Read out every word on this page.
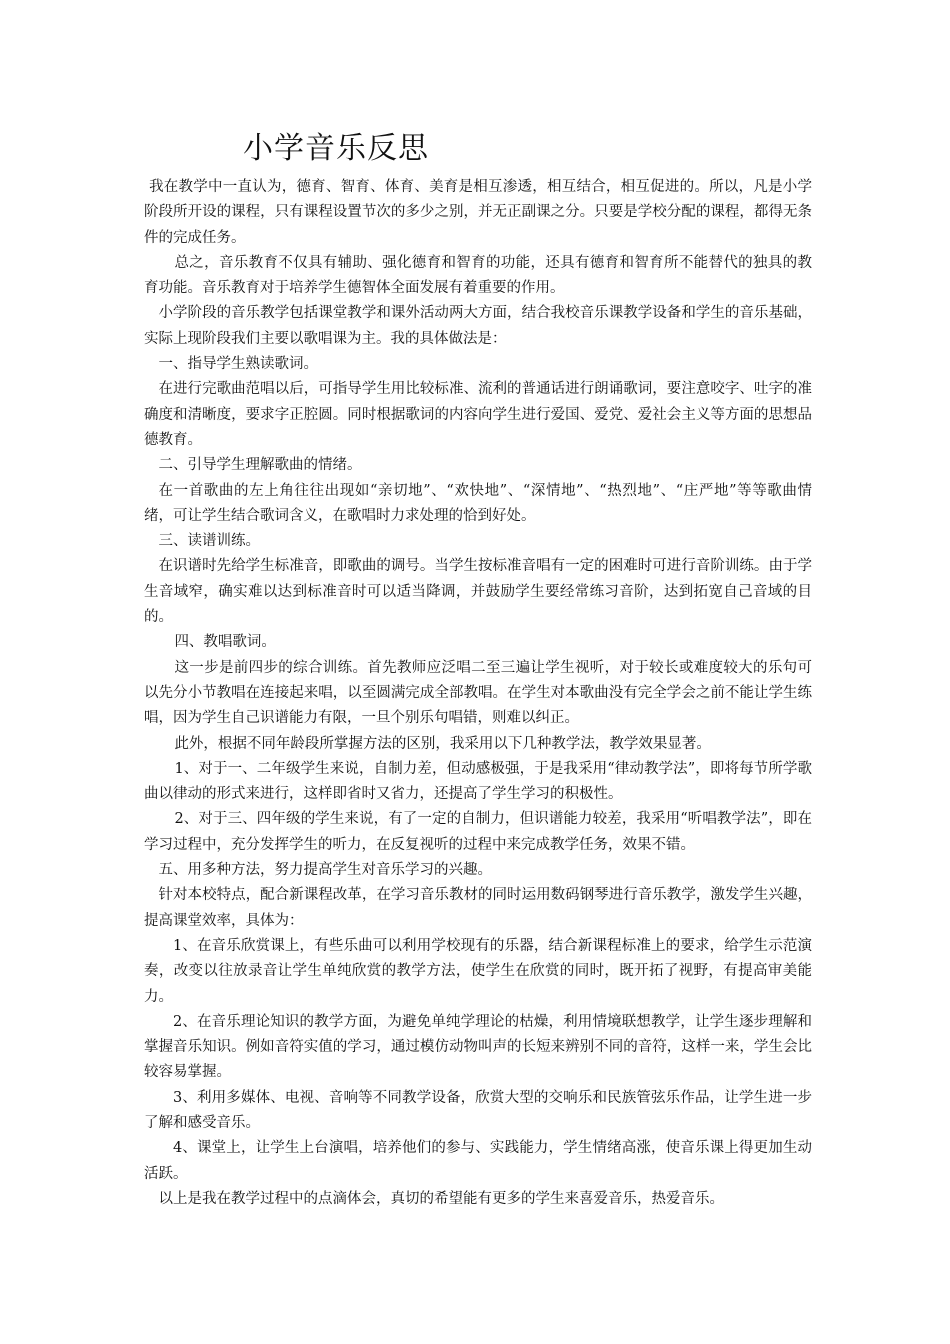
小学音乐反思

我在教学中一直认为，德育、智育、体育、美育是相互渗透，相互结合，相互促进的。所以，凡是小学阶段所开设的课程，只有课程设置节次的多少之别，并无正副课之分。只要是学校分配的课程，都得无条件的完成任务。

总之，音乐教育不仅具有辅助、强化德育和智育的功能，还具有德育和智育所不能替代的独具的教育功能。音乐教育对于培养学生德智体全面发展有着重要的作用。

小学阶段的音乐教学包括课堂教学和课外活动两大方面，结合我校音乐课教学设备和学生的音乐基础，实际上现阶段我们主要以歌唱课为主。我的具体做法是：

一、指导学生熟读歌词。

在进行完歌曲范唱以后，可指导学生用比较标准、流利的普通话进行朗诵歌词，要注意咬字、吐字的准确度和清晰度，要求字正腔圆。同时根据歌词的内容向学生进行爱国、爱党、爱社会主义等方面的思想品德教育。

二、引导学生理解歌曲的情绪。

在一首歌曲的左上角往往出现如“亲切地”、“欢快地”、“深情地”、“热烈地”、“庄严地”等等歌曲情绪，可让学生结合歌词含义，在歌唱时力求处理的恰到好处。

三、读谱训练。

在识谱时先给学生标准音，即歌曲的调号。当学生按标准音唱有一定的困难时可进行音阶训练。由于学生音域窄，确实难以达到标准音时可以适当降调，并鼓励学生要经常练习音阶，达到拓宽自己音域的目的。

四、教唱歌词。

这一步是前四步的综合训练。首先教师应泛唱二至三遍让学生视听，对于较长或难度较大的乐句可以先分小节教唱在连接起来唱，以至圆满完成全部教唱。在学生对本歌曲没有完全学会之前不能让学生练唱，因为学生自己识谱能力有限，一旦个别乐句唱错，则难以纠正。

此外，根据不同年龄段所掌握方法的区别，我采用以下几种教学法，教学效果显著。

1、对于一、二年级学生来说，自制力差，但动感极强，于是我采用“律动教学法”，即将每节所学歌曲以律动的形式来进行，这样即省时又省力，还提高了学生学习的积极性。

2、对于三、四年级的学生来说，有了一定的自制力，但识谱能力较差，我采用“听唱教学法”，即在学习过程中，充分发挥学生的听力，在反复视听的过程中来完成教学任务，效果不错。

五、用多种方法，努力提高学生对音乐学习的兴趣。

针对本校特点，配合新课程改革，在学习音乐教材的同时运用数码钢琴进行音乐教学，激发学生兴趣，提高课堂效率，具体为：

1、在音乐欣赏课上，有些乐曲可以利用学校现有的乐器，结合新课程标准上的要求，给学生示范演奏，改变以往放录音让学生单纯欣赏的教学方法，使学生在欣赏的同时，既开拓了视野，有提高审美能力。

2、在音乐理论知识的教学方面，为避免单纯学理论的枯燥，利用情境联想教学，让学生逐步理解和掌握音乐知识。例如音符实值的学习，通过模仿动物叫声的长短来辨别不同的音符，这样一来，学生会比较容易掌握。

3、利用多媒体、电视、音响等不同教学设备，欣赏大型的交响乐和民族管弦乐作品，让学生进一步了解和感受音乐。

4、课堂上，让学生上台演唱，培养他们的参与、实践能力，学生情绪高涨，使音乐课上得更加生动活跃。

以上是我在教学过程中的点滴体会，真切的希望能有更多的学生来喜爱音乐，热爱音乐。
